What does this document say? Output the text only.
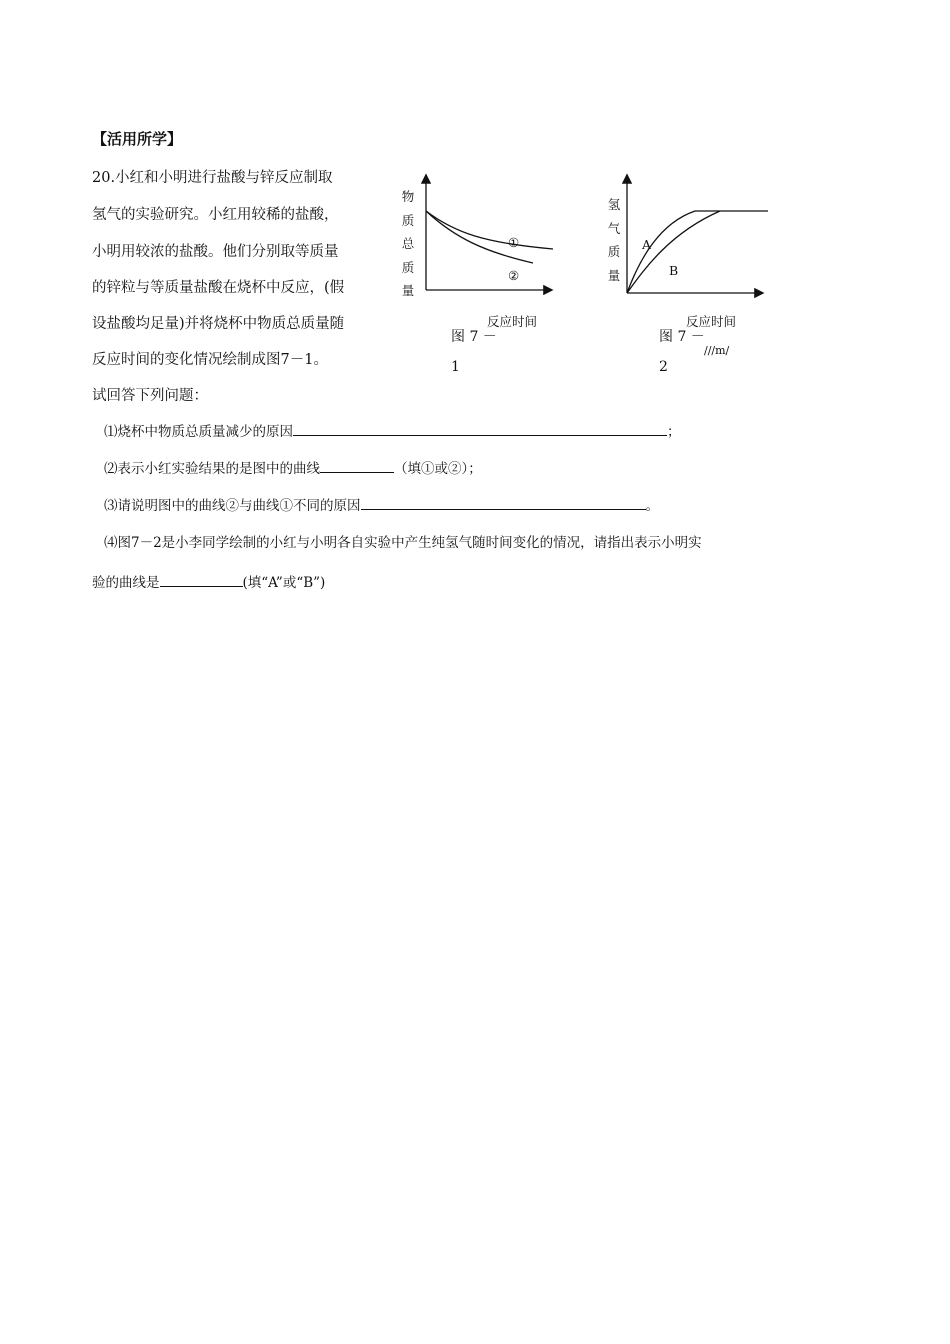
【活用所学】
20.小红和小明进行盐酸与锌反应制取
氢气的实验研究。小红用较稀的盐酸，
小明用较浓的盐酸。他们分别取等质量
的锌粒与等质量盐酸在烧杯中反应，(假
设盐酸均足量)并将烧杯中物质总质量随
反应时间的变化情况绘制成图7－1。
试回答下列问题：
物
质
总
质
量
①
②
反应时间
图 7 －
1
氢
气
质
量
A
B
反应时间
图 7 －
///m/
2
⑴烧杯中物质总质量减少的原因	；
⑵表示小红实验结果的是图中的曲线	（填①或②）；
⑶请说明图中的曲线②与曲线①不同的原因	。
⑷图7－2是小李同学绘制的小红与小明各自实验中产生纯氢气随时间变化的情况，请指出表示小明实
验的曲线是	(填“A”或“B”)
